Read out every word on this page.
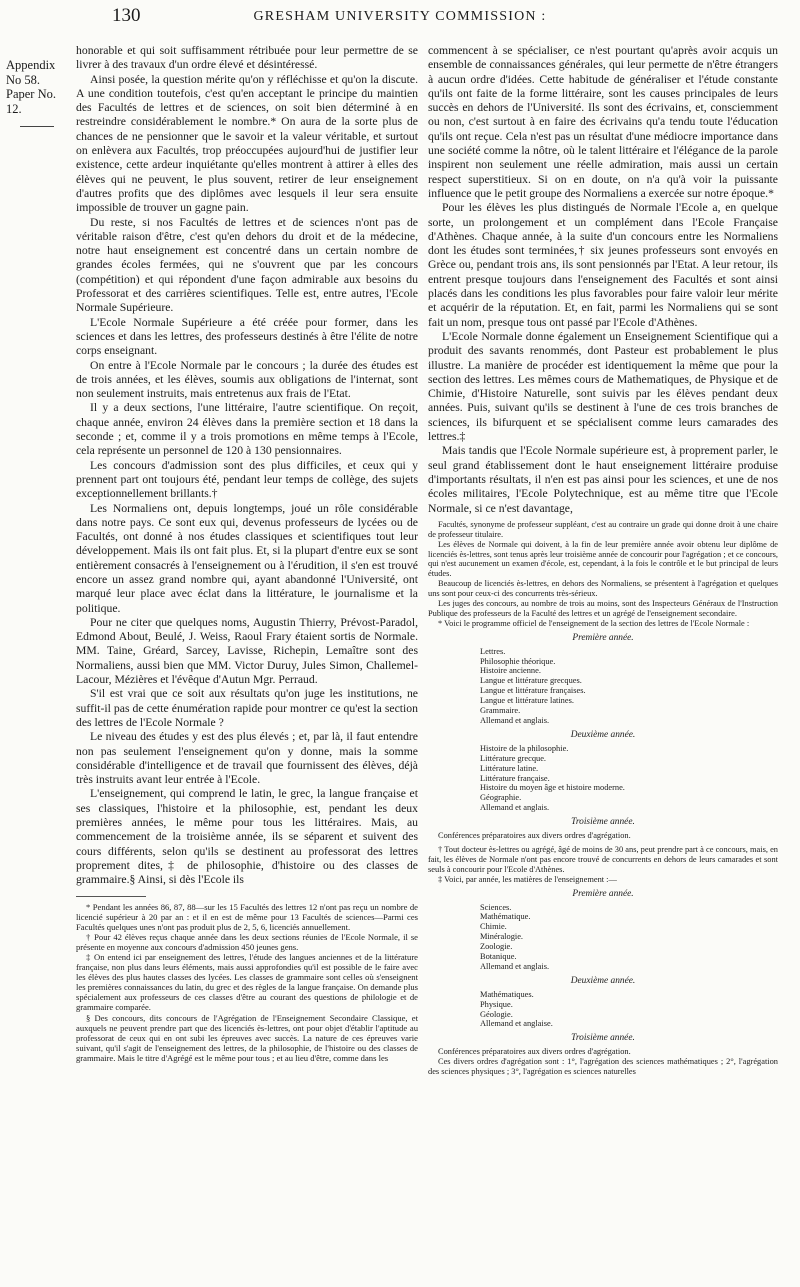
130	GRESHAM UNIVERSITY COMMISSION :
Appendix
No 58.
Paper No. 12.

honorable et qui soit suffisamment rétribuée pour leur permettre de se livrer à des travaux d'un ordre élevé et désintéressé.

Ainsi posée, la question mérite qu'on y réfléchisse et qu'on la discute. A une condition toutefois, c'est qu'en acceptant le principe du maintien des Facultés de lettres et de sciences, on soit bien déterminé à en restreindre considérablement le nombre.* On aura de la sorte plus de chances de ne pensionner que le savoir et la valeur véritable, et surtout on enlèvera aux Facultés, trop préoccupées aujourd'hui de justifier leur existence, cette ardeur inquiétante qu'elles montrent à attirer à elles des élèves qui ne peuvent, le plus souvent, retirer de leur enseignement d'autres profits que des diplômes avec lesquels il leur sera ensuite impossible de trouver un gagne pain.

Du reste, si nos Facultés de lettres et de sciences n'ont pas de véritable raison d'être, c'est qu'en dehors du droit et de la médecine, notre haut enseignement est concentré dans un certain nombre de grandes écoles fermées, qui ne s'ouvrent que par les concours (compétition) et qui répondent d'une façon admirable aux besoins du Professorat et des carrières scientifiques. Telle est, entre autres, l'Ecole Normale Supérieure.

L'Ecole Normale Supérieure a été créée pour former, dans les sciences et dans les lettres, des professeurs destinés à être l'élite de notre corps enseignant.

On entre à l'Ecole Normale par le concours ; la durée des études est de trois années, et les élèves, soumis aux obligations de l'internat, sont non seulement instruits, mais entretenus aux frais de l'Etat.

Il y a deux sections, l'une littéraire, l'autre scientifique. On reçoit, chaque année, environ 24 élèves dans la première section et 18 dans la seconde ; et, comme il y a trois promotions en même temps à l'Ecole, cela représente un personnel de 120 à 130 pensionnaires.

Les concours d'admission sont des plus difficiles, et ceux qui y prennent part ont toujours été, pendant leur temps de collège, des sujets exceptionnellement brillants.†

Les Normaliens ont, depuis longtemps, joué un rôle considérable dans notre pays. Ce sont eux qui, devenus professeurs de lycées ou de Facultés, ont donné à nos études classiques et scientifiques tout leur développement. Mais ils ont fait plus. Et, si la plupart d'entre eux se sont entièrement consacrés à l'enseignement ou à l'érudition, il s'en est trouvé encore un assez grand nombre qui, ayant abandonné l'Université, ont marqué leur place avec éclat dans la littérature, le journalisme et la politique.

Pour ne citer que quelques noms, Augustin Thierry, Prévost-Paradol, Edmond About, Beulé, J. Weiss, Raoul Frary étaient sortis de Normale. MM. Taine, Gréard, Sarcey, Lavisse, Richepin, Lemaître sont des Normaliens, aussi bien que MM. Victor Duruy, Jules Simon, Challemel-Lacour, Mézières et l'évêque d'Autun Mgr. Perraud.

S'il est vrai que ce soit aux résultats qu'on juge les institutions, ne suffit-il pas de cette énumération rapide pour montrer ce qu'est la section des lettres de l'Ecole Normale ?

Le niveau des études y est des plus élevés ; et, par là, il faut entendre non pas seulement l'enseignement qu'on y donne, mais la somme considérable d'intelligence et de travail que fournissent des élèves, déjà très instruits avant leur entrée à l'Ecole.

L'enseignement, qui comprend le latin, le grec, la langue française et ses classiques, l'histoire et la philosophie, est, pendant les deux premières années, le même pour tous les littéraires. Mais, au commencement de la troisième année, ils se séparent et suivent des cours différents, selon qu'ils se destinent au professorat des lettres proprement dites,‡ de philosophie, d'histoire ou des classes de grammaire.§ Ainsi, si dès l'Ecole ils

* Pendant les années 86, 87, 88—sur les 15 Facultés des lettres 12 n'ont pas reçu un nombre de licencié supérieur à 20 par an : et il en est de même pour 13 Facultés de sciences—Parmi ces Facultés quelques unes n'ont pas produit plus de 2, 5, 6, licenciés annuellement.

† Pour 42 élèves reçus chaque année dans les deux sections réunies de l'Ecole Normale, il se présente en moyenne aux concours d'admission 450 jeunes gens.

‡ On entend ici par enseignement des lettres, l'étude des langues anciennes et de la littérature française, non plus dans leurs éléments, mais aussi approfondies qu'il est possible de le faire avec les élèves des plus hautes classes des lycées. Les classes de grammaire sont celles où s'enseignent les premières connaissances du latin, du grec et des règles de la langue française. On demande plus spécialement aux professeurs de ces classes d'être au courant des questions de philologie et de grammaire comparée.

§ Des concours, dits concours de l'Agrégation de l'Enseignement Secondaire Classique, et auxquels ne peuvent prendre part que des licenciés ès-lettres, ont pour objet d'établir l'aptitude au professorat de ceux qui en ont subi les épreuves avec succès. La nature de ces épreuves varie suivant, qu'il s'agit de l'enseignement des lettres, de la philosophie, de l'histoire ou des classes de grammaire. Mais le titre d'Agrégé est le même pour tous ; et au lieu d'être, comme dans les

commencent à se spécialiser, ce n'est pourtant qu'après avoir acquis un ensemble de connaissances générales, qui leur permette de n'être étrangers à aucun ordre d'idées. Cette habitude de généraliser et l'étude constante qu'ils ont faite de la forme littéraire, sont les causes principales de leurs succès en dehors de l'Université. Ils sont des écrivains, et, consciemment ou non, c'est surtout à en faire des écrivains qu'a tendu toute l'éducation qu'ils ont reçue. Cela n'est pas un résultat d'une médiocre importance dans une société comme la nôtre, où le talent littéraire et l'élégance de la parole inspirent non seulement une réelle admiration, mais aussi un certain respect superstitieux. Si on en doute, on n'a qu'à voir la puissante influence que le petit groupe des Normaliens a exercée sur notre époque.*

Pour les élèves les plus distingués de Normale l'Ecole a, en quelque sorte, un prolongement et un complément dans l'Ecole Française d'Athènes. Chaque année, à la suite d'un concours entre les Normaliens dont les études sont terminées,† six jeunes professeurs sont envoyés en Grèce ou, pendant trois ans, ils sont pensionnés par l'Etat. A leur retour, ils entrent presque toujours dans l'enseignement des Facultés et sont ainsi placés dans les conditions les plus favorables pour faire valoir leur mérite et acquérir de la réputation. Et, en fait, parmi les Normaliens qui se sont fait un nom, presque tous ont passé par l'Ecole d'Athènes.

L'Ecole Normale donne également un Enseignement Scientifique qui a produit des savants renommés, dont Pasteur est probablement le plus illustre. La manière de procéder est identiquement la même que pour la section des lettres. Les mêmes cours de Mathematiques, de Physique et de Chimie, d'Histoire Naturelle, sont suivis par les élèves pendant deux années. Puis, suivant qu'ils se destinent à l'une de ces trois branches de sciences, ils bifurquent et se spécialisent comme leurs camarades des lettres.‡

Mais tandis que l'Ecole Normale supérieure est, à proprement parler, le seul grand établissement dont le haut enseignement littéraire produise d'importants résultats, il n'en est pas ainsi pour les sciences, et une de nos écoles militaires, l'Ecole Polytechnique, est au même titre que l'Ecole Normale, si ce n'est davantage,

Facultés, synonyme de professeur suppléant, c'est au contraire un grade qui donne droit à une chaire de professeur titulaire.

Les élèves de Normale qui doivent, à la fin de leur première année avoir obtenu leur diplôme de licenciés ès-lettres, sont tenus après leur troisième année de concourir pour l'agrégation ; et ce concours, qui n'est aucunement un examen d'école, est, cependant, à la fois le contrôle et le but principal de leurs études.

Beaucoup de licenciés ès-lettres, en dehors des Normaliens, se présentent à l'agrégation et quelques uns sont pour ceux-ci des concurrents très-sérieux.

Les juges des concours, au nombre de trois au moins, sont des Inspecteurs Généraux de l'Instruction Publique des professeurs de la Faculté des lettres et un agrégé de l'enseignement secondaire.

* Voici le programme officiel de l'enseignement de la section des lettres de l'Ecole Normale :

Première année.
Lettres.
Philosophie théorique.
Histoire ancienne.
Langue et littérature grecques.
Langue et littérature françaises.
Langue et littérature latines.
Grammaire.
Allemand et anglais.
Deuxième année.
Histoire de la philosophie.
Littérature grecque.
Littérature latine.
Littérature française.
Histoire du moyen âge et histoire moderne.
Géographie.
Allemand et anglais.
Troisième année.

Conférences préparatoires aux divers ordres d'agrégation.

† Tout docteur ès-lettres ou agrégé, âgé de moins de 30 ans, peut prendre part à ce concours, mais, en fait, les élèves de Normale n'ont pas encore trouvé de concurrents en dehors de leurs camarades et sont seuls à concourir pour l'Ecole d'Athènes.

‡ Voici, par année, les matières de l'enseignement :—

Première année.
Sciences.
Mathématique.
Chimie.
Minéralogie.
Zoologie.
Botanique.
Allemand et anglais.
Deuxième année.
Mathématiques.
Physique.
Géologie.
Allemand et anglaise.
Troisième année.

Conférences préparatoires aux divers ordres d'agrégation.

Ces divers ordres d'agrégation sont : 1°, l'agrégation des sciences mathématiques ; 2°, l'agrégation des sciences physiques ; 3°, l'agrégation es sciences naturelles
